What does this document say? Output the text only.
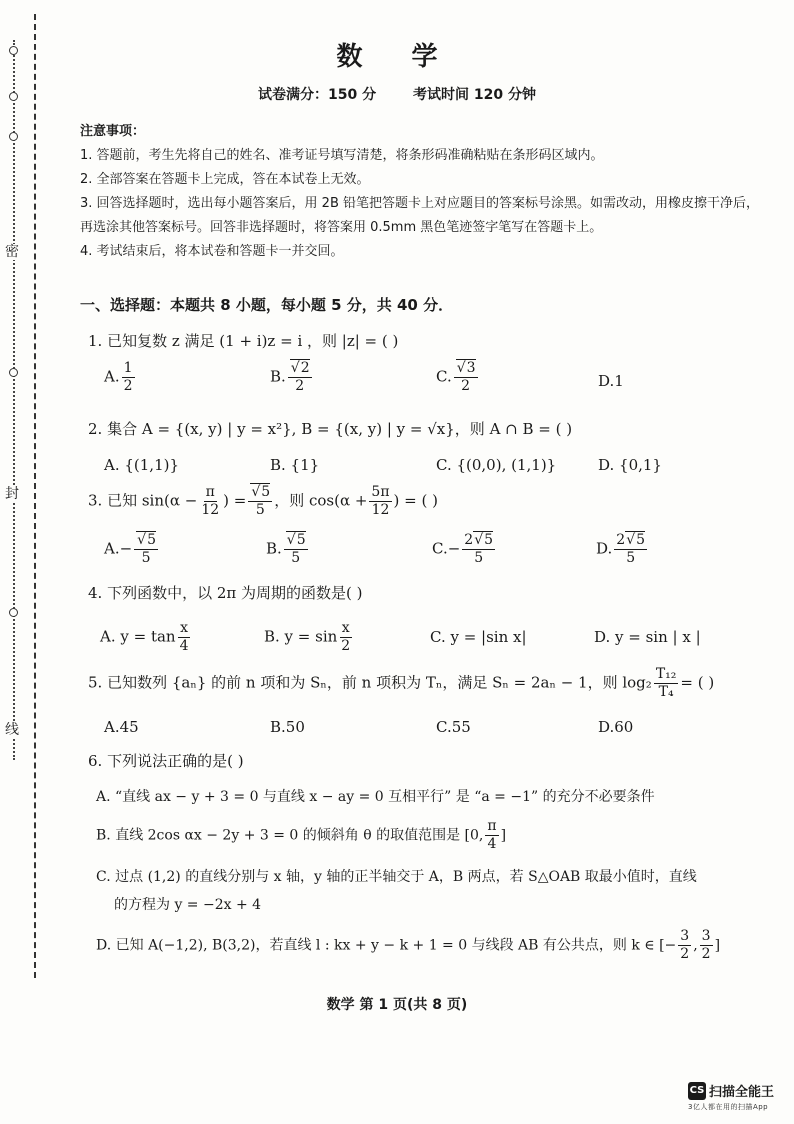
密
封
线
数 学
试卷满分：150 分	考试时间 120 分钟
注意事项：
1. 答题前，考生先将自己的姓名、准考证号填写清楚，将条形码准确粘贴在条形码区域内。
2. 全部答案在答题卡上完成，答在本试卷上无效。
3. 回答选择题时，选出每小题答案后，用 2B 铅笔把答题卡上对应题目的答案标号涂黑。如需改动，用橡皮擦干净后，
再选涂其他答案标号。回答非选择题时，将答案用 0.5mm 黑色笔迹签字笔写在答题卡上。
4. 考试结束后，将本试卷和答题卡一并交回。
一、选择题：本题共 8 小题，每小题 5 分，共 40 分．
1. 已知复数 z 满足 (1 + i)z = i ，则 |z| = ( )
A. $\frac{1}{2}$	B. √ $\frac{2}{2}$	C. √ $\frac{3}{2}$	D.1
2. 集合 A = {(x, y) | y = x²}, B = {(x, y) | y = √x}，则 A ∩ B = ( )
A. {(1,1)}	B. {1}	C. {(0,0), (1,1)}	D. {0,1}
3. 已知 $\sin(\alpha - \frac{\pi}{12}$ ) = √ $\frac{5}{5}$ ，则 $\cos(\alpha + \frac{5\pi}{12}$ ) = ( )
A.− √ $\frac{5}{5}$	B. √ $\frac{5}{5}$	$C.- \frac{2 √ 5}{5}$	D. $\frac{2 √ 5}{5}$
4. 下列函数中，以 2π 为周期的函数是( )
A. $y = \tan \frac{x}{4}$	B. $y = \sin \frac{x}{2}$	C. y = |sin x|	D. y = sin | x |
5. 已知数列 {aₙ} 的前 n 项和为 Sₙ，前 n 项积为 Tₙ，满足 Sₙ = 2aₙ − 1，则 $\log_2 \frac{\text{T₁₂}}{\text{T₄}}$ = ( )
A.45	B.50	C.55	D.60
6. 下列说法正确的是( )
A. “直线 ax − y + 3 = 0 与直线 x − ay = 0 互相平行” 是 “a = −1” 的充分不必要条件
B. 直线 2cos αx − 2y + 3 = 0 的倾斜角 θ 的取值范围是 [0, $\frac{\pi}{4}$ ]
C. 过点 (1,2) 的直线分别与 x 轴，y 轴的正半轴交于 A，B 两点，若 S△OAB 取最小值时，直线
的方程为 y = −2x + 4
D. 已知 A(−1,2), B(3,2)，若直线 l : kx + y − k + 1 = 0 与线段 AB 有公共点，则 k ∈ [− $\frac{3}{2}$ , $\frac{3}{2}$ ]
数学 第 1 页(共 8 页)
CS 扫描全能王
3亿人都在用的扫描App
